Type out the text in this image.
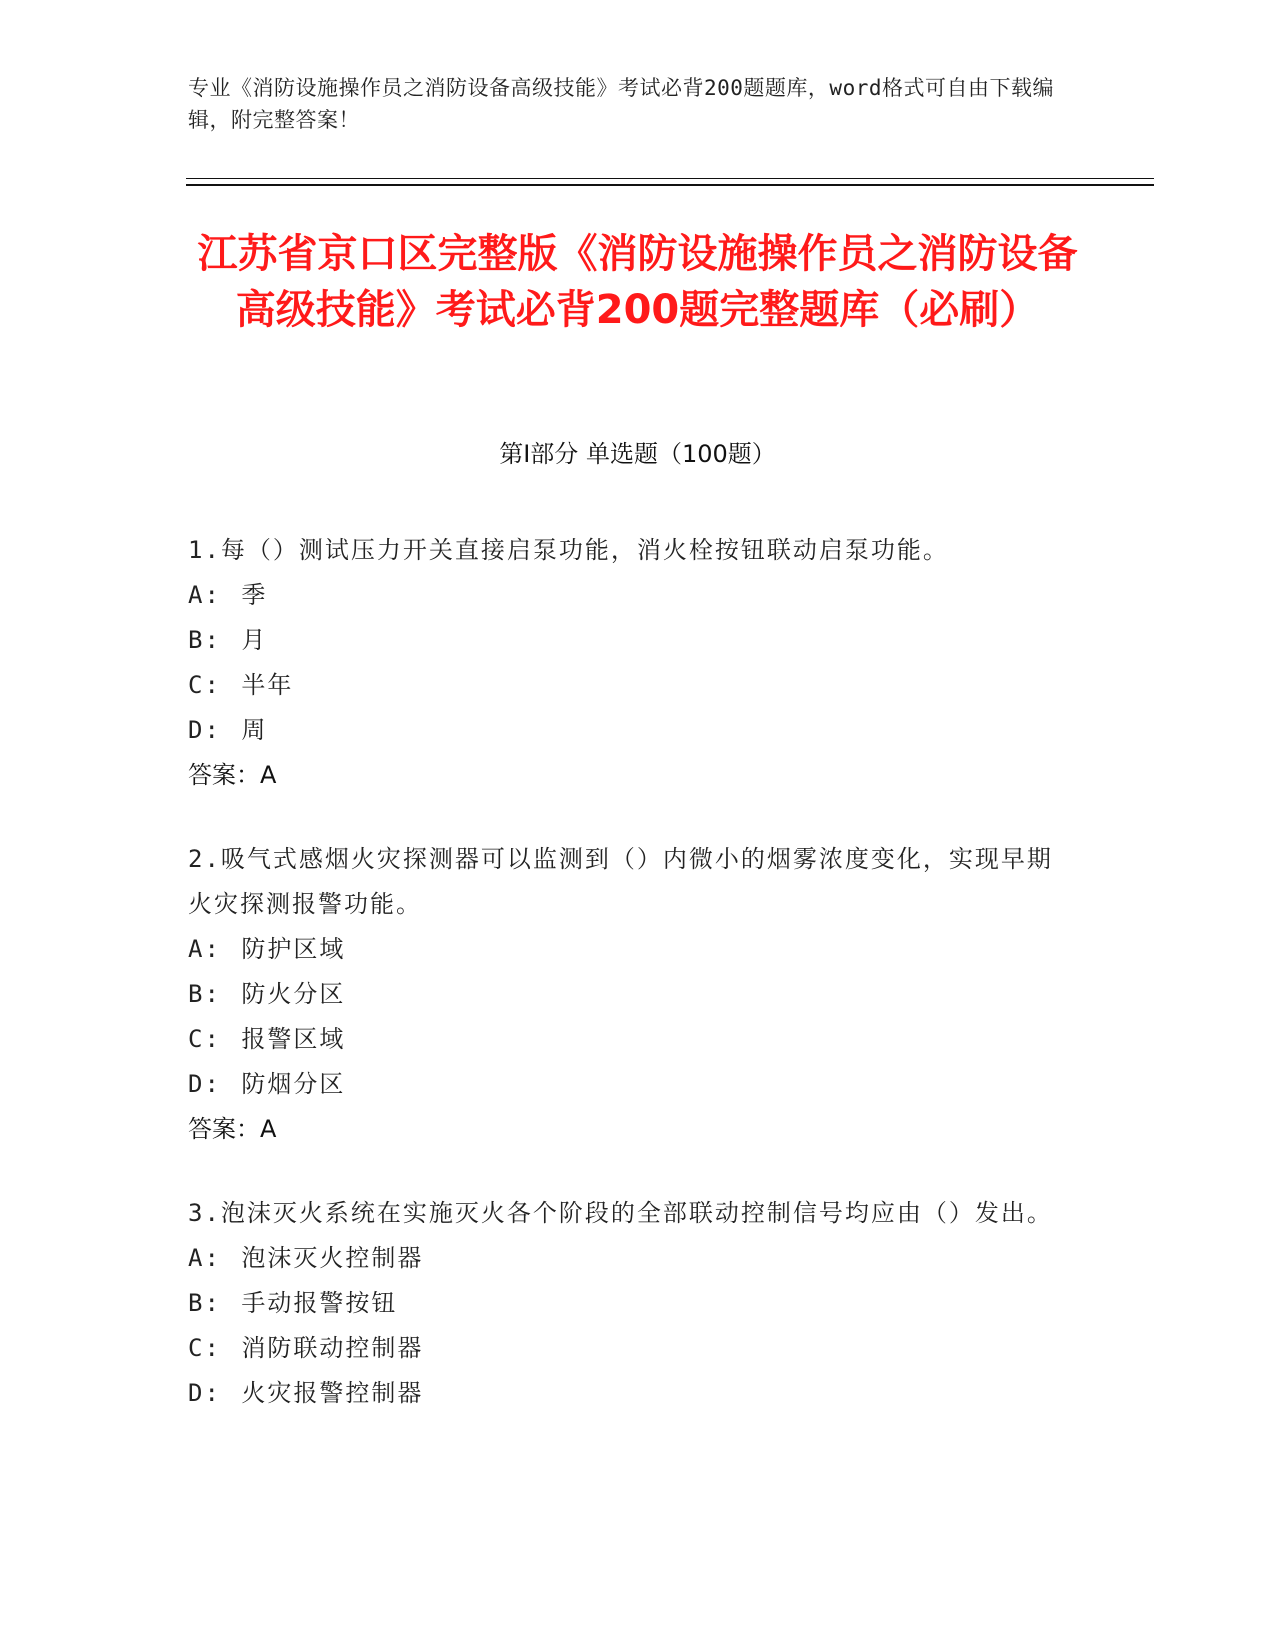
专业《消防设施操作员之消防设备高级技能》考试必背200题题库，word格式可自由下载编辑，附完整答案！
江苏省京口区完整版《消防设施操作员之消防设备高级技能》考试必背200题完整题库（必刷）
第Ⅰ部分 单选题（100题）
1.每（）测试压力开关直接启泵功能，消火栓按钮联动启泵功能。
A: 季
B: 月
C: 半年
D: 周
答案：A
2.吸气式感烟火灾探测器可以监测到（）内微小的烟雾浓度变化，实现早期火灾探测报警功能。
A: 防护区域
B: 防火分区
C: 报警区域
D: 防烟分区
答案：A
3.泡沫灭火系统在实施灭火各个阶段的全部联动控制信号均应由（）发出。
A: 泡沫灭火控制器
B: 手动报警按钮
C: 消防联动控制器
D: 火灾报警控制器
